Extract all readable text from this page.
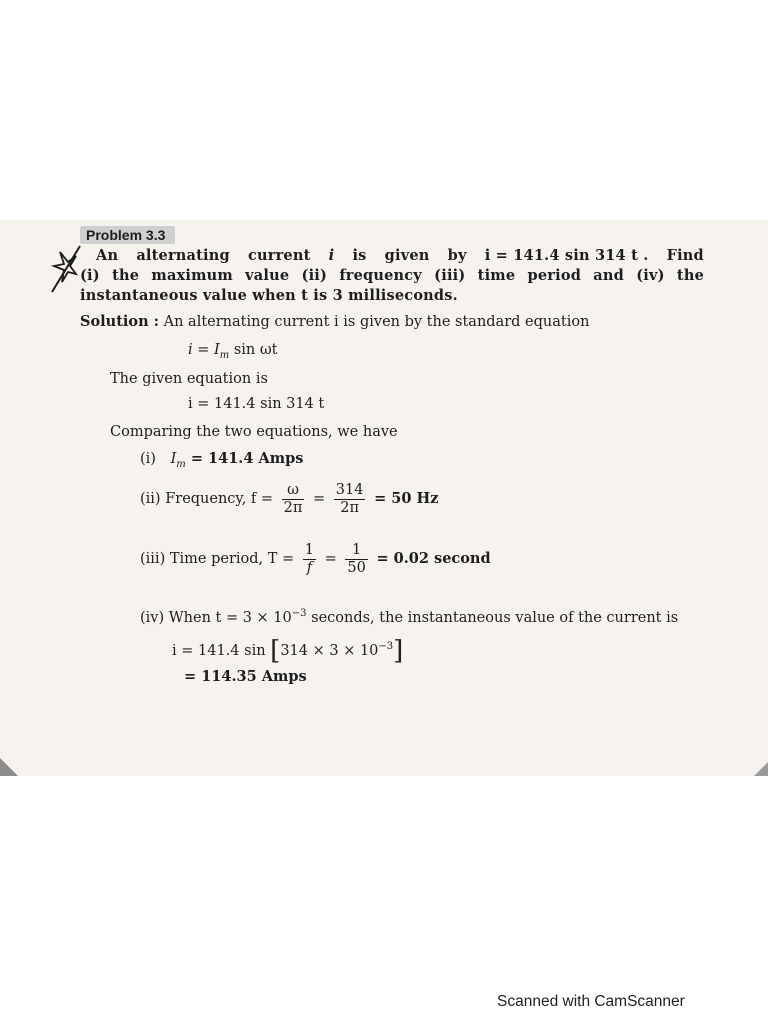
Problem 3.3
An alternating current i is given by i = 141.4 sin 314 t . Find
(i) the maximum value (ii) frequency (iii) time period and (iv) the
instantaneous value when t is 3 milliseconds.
Solution : An alternating current i is given by the standard equation
$i = I_m$ sin ωt
The given equation is
i = 141.4 sin 314 t
Comparing the two equations, we have
(i) $I_m = 141.4$ Amps
(ii) Frequency, $f = \frac{\omega}{2\pi} = \frac{314}{2\pi} = 50$ Hz
(iii) Time period, $T = \frac{1}{f} = \frac{1}{50} = 0.02$ second
(iv) When $t = 3 \times 10^{-3}$ seconds, the instantaneous value of the current is
i = 141.4 $\sin [314 \times 3 \times 10^{-3}]$
= 114.35 Amps
Scanned with CamScanner
